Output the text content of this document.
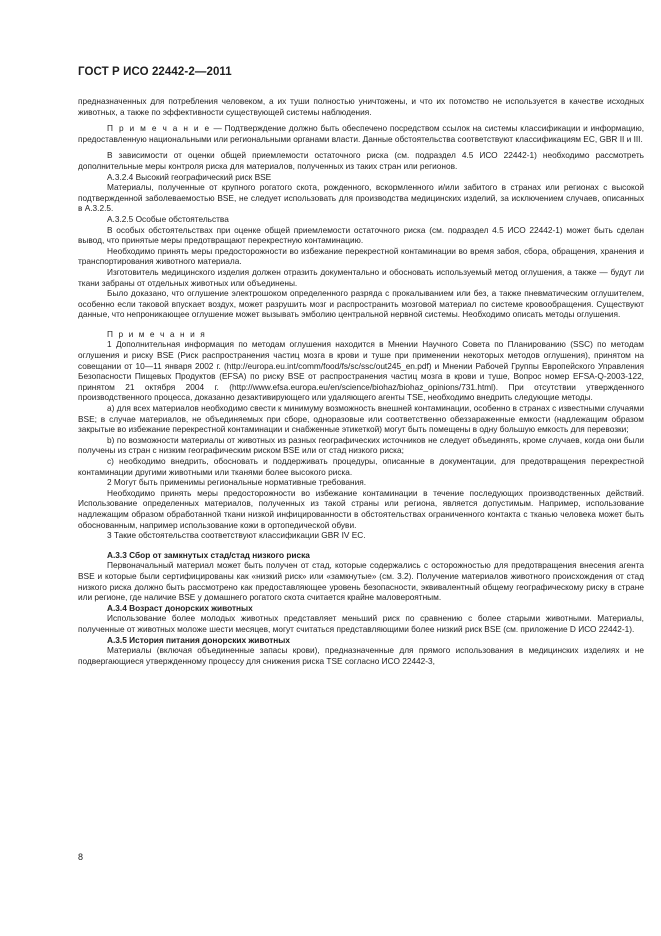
ГОСТ Р ИСО 22442-2—2011

предназначенных для потребления человеком, а их туши полностью уничтожены, и что их потомство не используется в качестве исходных животных, а также по эффективности существующей системы наблюдения.

П р и м е ч а н и е — Подтверждение должно быть обеспечено посредством ссылок на системы классификации и информацию, предоставленную национальными или региональными органами власти. Данные обстоятельства соответствуют классификациям EC, GBR II и III.

В зависимости от оценки общей приемлемости остаточного риска (см. подраздел 4.5 ИСО 22442-1) необходимо рассмотреть дополнительные меры контроля риска для материалов, полученных из таких стран или регионов.

А.3.2.4 Высокий географический риск BSE

Материалы, полученные от крупного рогатого скота, рожденного, вскормленного и/или забитого в странах или регионах с высокой подтвержденной заболеваемостью BSE, не следует использовать для производства медицинских изделий, за исключением случаев, описанных в А.3.2.5.

А.3.2.5 Особые обстоятельства

В особых обстоятельствах при оценке общей приемлемости остаточного риска (см. подраздел 4.5 ИСО 22442-1) может быть сделан вывод, что принятые меры предотвращают перекрестную контаминацию.

Необходимо принять меры предосторожности во избежание перекрестной контаминации во время забоя, сбора, обращения, хранения и транспортирования животного материала.

Изготовитель медицинского изделия должен отразить документально и обосновать используемый метод оглушения, а также — будут ли ткани забраны от отдельных животных или объединены.

Было доказано, что оглушение электрошоком определенного разряда с прокалыванием или без, а также пневматическим оглушителем, особенно если таковой впускает воздух, может разрушить мозг и распространить мозговой материал по системе кровообращения. Существуют данные, что непроникающее оглушение может вызывать эмболию центральной нервной системы. Необходимо описать методы оглушения.

П р и м е ч а н и я

1 Дополнительная информация по методам оглушения находится в Мнении Научного Совета по Планированию (SSC) по методам оглушения и риску BSE (Риск распространения частиц мозга в крови и туше при применении некоторых методов оглушения), принятом на совещании от 10—11 января 2002 г. (http://europa.eu.int/comm/food/fs/sc/ssc/out245_en.pdf) и Мнении Рабочей Группы Европейского Управления Безопасности Пищевых Продуктов (EFSA) по риску BSE от распространения частиц мозга в крови и туше, Вопрос номер EFSA-Q-2003-122, принятом 21 октября 2004 г. (http://www.efsa.europa.eu/en/science/biohaz/biohaz_opinions/731.html). При отсутствии утвержденного производственного процесса, доказанно дезактивирующего или удаляющего агенты TSE, необходимо внедрить следующие методы.

а) для всех материалов необходимо свести к минимуму возможность внешней контаминации, особенно в странах с известными случаями BSE; в случае материалов, не объединяемых при сборе, одноразовые или соответственно обеззараженные емкости (надлежащим образом закрытые во избежание перекрестной контаминации и снабженные этикеткой) могут быть помещены в одну большую емкость для перевозки;

b) по возможности материалы от животных из разных географических источников не следует объединять, кроме случаев, когда они были получены из стран с низким географическим риском BSE или от стад низкого риска;

c) необходимо внедрить, обосновать и поддерживать процедуры, описанные в документации, для предотвращения перекрестной контаминации другими животными или тканями более высокого риска.

2 Могут быть применимы региональные нормативные требования.

Необходимо принять меры предосторожности во избежание контаминации в течение последующих производственных действий. Использование определенных материалов, полученных из такой страны или региона, является допустимым. Например, использование надлежащим образом обработанной ткани низкой инфицированности в обстоятельствах ограниченного контакта с тканью человека может быть обоснованным, например использование кожи в ортопедической обуви.

3 Такие обстоятельства соответствуют классификации GBR IV EC.

А.3.3 Сбор от замкнутых стад/стад низкого риска

Первоначальный материал может быть получен от стад, которые содержались с осторожностью для предотвращения внесения агента BSE и которые были сертифицированы как «низкий риск» или «замкнутые» (см. 3.2). Получение материалов животного происхождения от стад низкого риска должно быть рассмотрено как предоставляющее уровень безопасности, эквивалентный общему географическому риску в стране или регионе, где наличие BSE у домашнего рогатого скота считается крайне маловероятным.

А.3.4 Возраст донорских животных

Использование более молодых животных представляет меньший риск по сравнению с более старыми животными. Материалы, полученные от животных моложе шести месяцев, могут считаться представляющими более низкий риск BSE (см. приложение D ИСО 22442-1).

А.3.5 История питания донорских животных

Материалы (включая объединенные запасы крови), предназначенные для прямого использования в медицинских изделиях и не подвергающиеся утвержденному процессу для снижения риска TSE согласно ИСО 22442-3,

8
